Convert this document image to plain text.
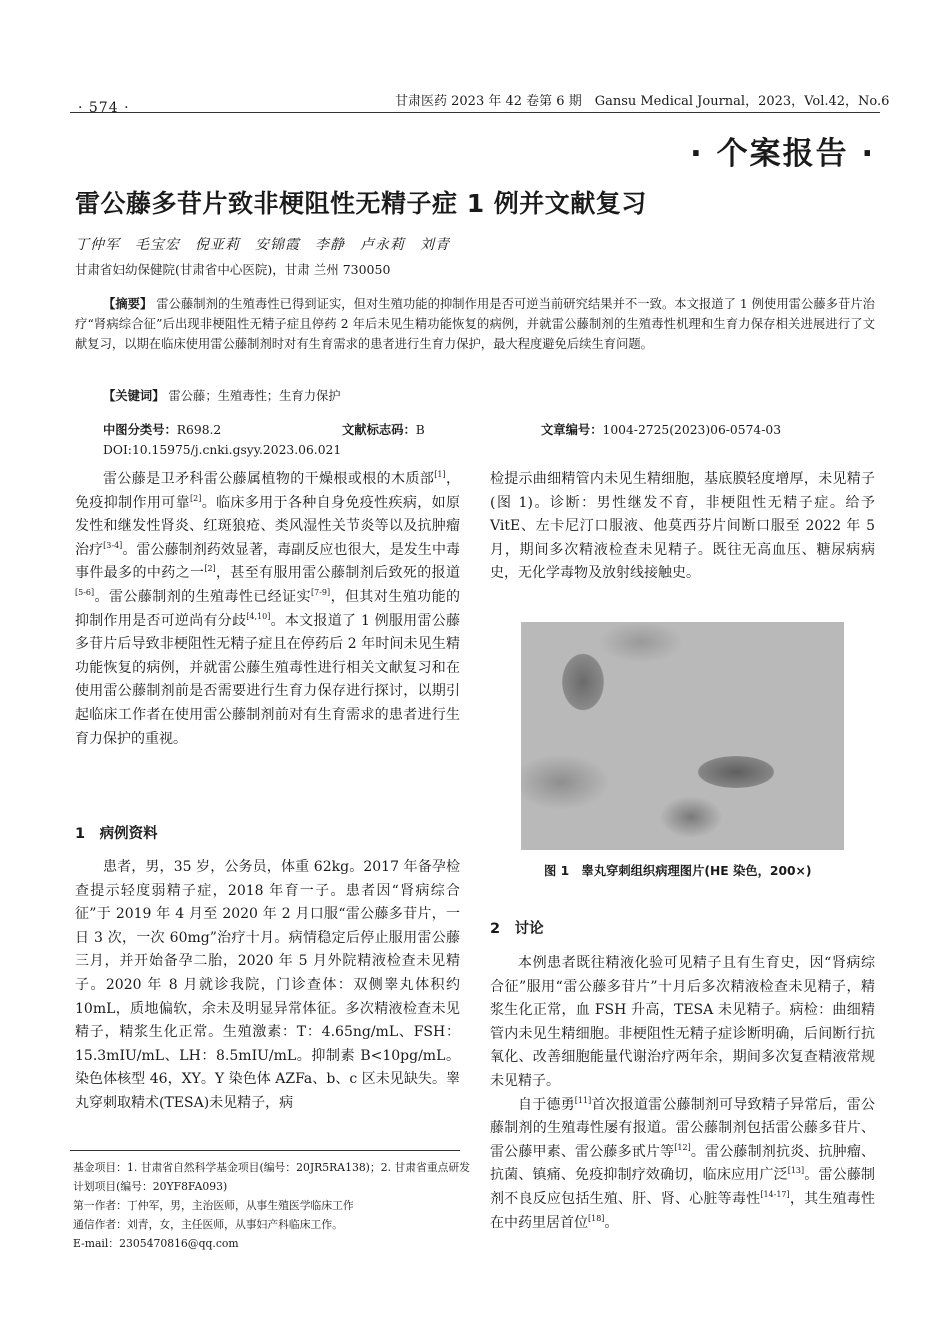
· 574 ·	甘肃医药 2023 年 42 卷第 6 期　Gansu Medical Journal，2023，Vol.42，No.6
· 个案报告 ·
雷公藤多苷片致非梗阻性无精子症 1 例并文献复习
丁仲军　毛宝宏　倪亚莉　安锦霞　李静　卢永莉　刘青
甘肃省妇幼保健院(甘肃省中心医院)，甘肃 兰州 730050
【摘要】 雷公藤制剂的生殖毒性已得到证实，但对生殖功能的抑制作用是否可逆当前研究结果并不一致。本文报道了 1 例使用雷公藤多苷片治疗“肾病综合征”后出现非梗阻性无精子症且停药 2 年后未见生精功能恢复的病例，并就雷公藤制剂的生殖毒性机理和生育力保存相关进展进行了文献复习，以期在临床使用雷公藤制剂时对有生育需求的患者进行生育力保护，最大程度避免后续生育问题。
【关键词】 雷公藤；生殖毒性；生育力保护
中图分类号：R698.2	文献标志码：B	文章编号：1004-2725(2023)06-0574-03
DOI:10.15975/j.cnki.gsyy.2023.06.021

雷公藤是卫矛科雷公藤属植物的干燥根或根的木质部[1]，免疫抑制作用可靠[2]。临床多用于各种自身免疫性疾病，如原发性和继发性肾炎、红斑狼疮、类风湿性关节炎等以及抗肿瘤治疗[3-4]。雷公藤制剂药效显著，毒副反应也很大，是发生中毒事件最多的中药之一[2]，甚至有服用雷公藤制剂后致死的报道[5-6]。雷公藤制剂的生殖毒性已经证实[7-9]，但其对生殖功能的抑制作用是否可逆尚有分歧[4,10]。本文报道了 1 例服用雷公藤多苷片后导致非梗阻性无精子症且在停药后 2 年时间未见生精功能恢复的病例，并就雷公藤生殖毒性进行相关文献复习和在使用雷公藤制剂前是否需要进行生育力保存进行探讨，以期引起临床工作者在使用雷公藤制剂前对有生育需求的患者进行生育力保护的重视。

1　病例资料

患者，男，35 岁，公务员，体重 62kg。2017 年备孕检查提示轻度弱精子症，2018 年育一子。患者因“肾病综合征”于 2019 年 4 月至 2020 年 2 月口服“雷公藤多苷片，一日 3 次，一次 60mg”治疗十月。病情稳定后停止服用雷公藤三月，并开始备孕二胎，2020 年 5 月外院精液检查未见精子。2020 年 8 月就诊我院，门诊查体：双侧睾丸体积约 10mL，质地偏软，余未及明显异常体征。多次精液检查未见精子，精浆生化正常。生殖激素：T：4.65ng/mL、FSH：15.3mIU/mL、LH：8.5mIU/mL。抑制素 B<10pg/mL。染色体核型 46，XY。Y 染色体 AZFa、b、c 区未见缺失。睾丸穿刺取精术(TESA)未见精子，病

检提示曲细精管内未见生精细胞，基底膜轻度增厚，未见精子(图 1)。诊断：男性继发不育，非梗阻性无精子症。给予 VitE、左卡尼汀口服液、他莫西芬片间断口服至 2022 年 5 月，期间多次精液检查未见精子。既往无高血压、糖尿病病史，无化学毒物及放射线接触史。

图 1　睾丸穿刺组织病理图片(HE 染色，200×)
2　讨论

本例患者既往精液化验可见精子且有生育史，因“肾病综合征”服用“雷公藤多苷片”十月后多次精液检查未见精子，精浆生化正常，血 FSH 升高，TESA 未见精子。病检：曲细精管内未见生精细胞。非梗阻性无精子症诊断明确，后间断行抗氧化、改善细胞能量代谢治疗两年余，期间多次复查精液常规未见精子。

自于德勇[11]首次报道雷公藤制剂可导致精子异常后，雷公藤制剂的生殖毒性屡有报道。雷公藤制剂包括雷公藤多苷片、雷公藤甲素、雷公藤多甙片等[12]。雷公藤制剂抗炎、抗肿瘤、抗菌、镇痛、免疫抑制疗效确切，临床应用广泛[13]。雷公藤制剂不良反应包括生殖、肝、肾、心脏等毒性[14-17]，其生殖毒性在中药里居首位[18]。

基金项目：1. 甘肃省自然科学基金项目(编号：20JR5RA138)；2. 甘肃省重点研发计划项目(编号：20YF8FA093)
第一作者：丁仲军，男，主治医师，从事生殖医学临床工作
通信作者：刘青，女，主任医师，从事妇产科临床工作。
E-mail：2305470816@qq.com
